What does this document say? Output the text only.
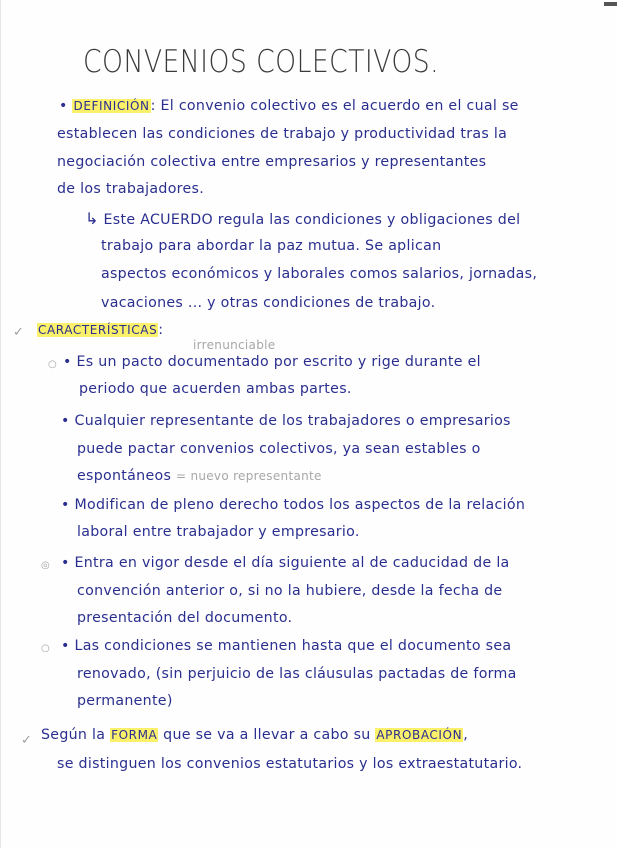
CONVENIOS COLECTIVOS.
• DEFINICIÓN: El convenio colectivo es el acuerdo en el cual se
establecen las condiciones de trabajo y productividad tras la
negociación colectiva entre empresarios y representantes
de los trabajadores.
↳ Este ACUERDO regula las condiciones y obligaciones del
trabajo para abordar la paz mutua. Se aplican
aspectos económicos y laborales comos salarios, jornadas,
vacaciones ... y otras condiciones de trabajo.
✓ CARACTERÍSTICAS:
irrenunciable
○ • Es un pacto documentado por escrito y rige durante el
periodo que acuerden ambas partes.
• Cualquier representante de los trabajadores o empresarios
puede pactar convenios colectivos, ya sean estables o
espontáneos = nuevo representante
• Modifican de pleno derecho todos los aspectos de la relación
laboral entre trabajador y empresario.
◎ • Entra en vigor desde el día siguiente al de caducidad de la
convención anterior o, si no la hubiere, desde la fecha de
presentación del documento.
○ • Las condiciones se mantienen hasta que el documento sea
renovado, (sin perjuicio de las cláusulas pactadas de forma
permanente)
✓ Según la FORMA que se va a llevar a cabo su APROBACIÓN,
se distinguen los convenios estatutarios y los extraestatutario.
